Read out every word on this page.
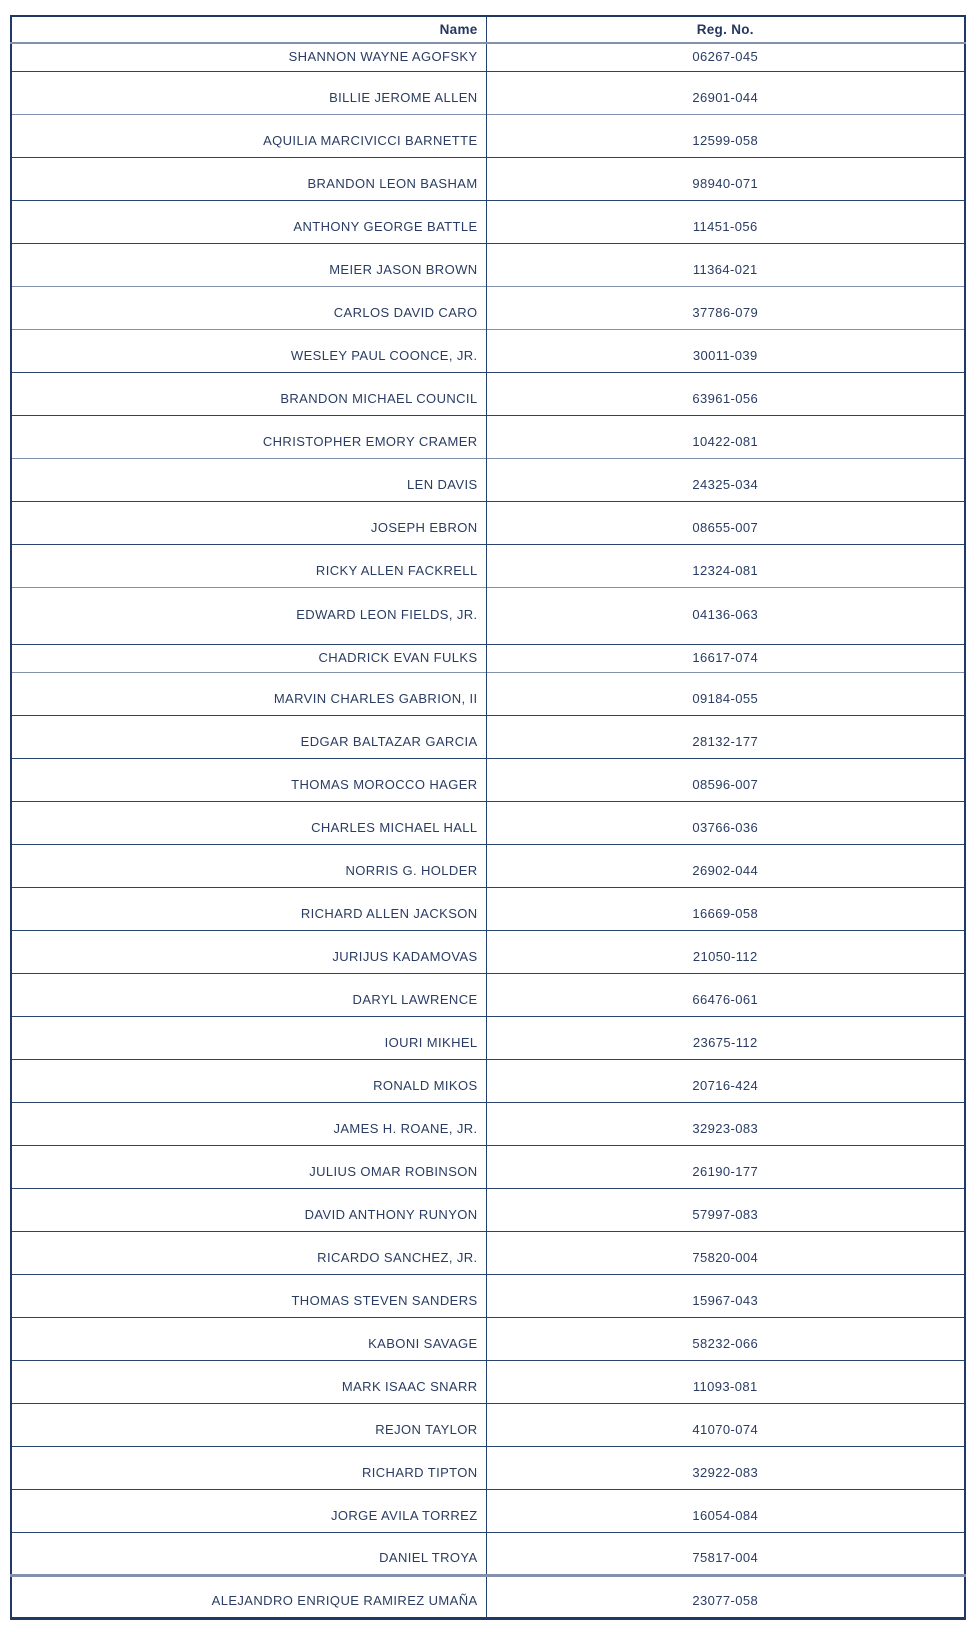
Name	Reg. No.
SHANNON WAYNE AGOFSKY	06267-045
BILLIE JEROME ALLEN	26901-044
AQUILIA MARCIVICCI BARNETTE	12599-058
BRANDON LEON BASHAM	98940-071
ANTHONY GEORGE BATTLE	11451-056
MEIER JASON BROWN	11364-021
CARLOS DAVID CARO	37786-079
WESLEY PAUL COONCE, JR.	30011-039
BRANDON MICHAEL COUNCIL	63961-056
CHRISTOPHER EMORY CRAMER	10422-081
LEN DAVIS	24325-034
JOSEPH EBRON	08655-007
RICKY ALLEN FACKRELL	12324-081
EDWARD LEON FIELDS, JR.	04136-063
CHADRICK EVAN FULKS	16617-074
MARVIN CHARLES GABRION, II	09184-055
EDGAR BALTAZAR GARCIA	28132-177
THOMAS MOROCCO HAGER	08596-007
CHARLES MICHAEL HALL	03766-036
NORRIS G. HOLDER	26902-044
RICHARD ALLEN JACKSON	16669-058
JURIJUS KADAMOVAS	21050-112
DARYL LAWRENCE	66476-061
IOURI MIKHEL	23675-112
RONALD MIKOS	20716-424
JAMES H. ROANE, JR.	32923-083
JULIUS OMAR ROBINSON	26190-177
DAVID ANTHONY RUNYON	57997-083
RICARDO SANCHEZ, JR.	75820-004
THOMAS STEVEN SANDERS	15967-043
KABONI SAVAGE	58232-066
MARK ISAAC SNARR	11093-081
REJON TAYLOR	41070-074
RICHARD TIPTON	32922-083
JORGE AVILA TORREZ	16054-084
DANIEL TROYA	75817-004
ALEJANDRO ENRIQUE RAMIREZ UMAÑA	23077-058
